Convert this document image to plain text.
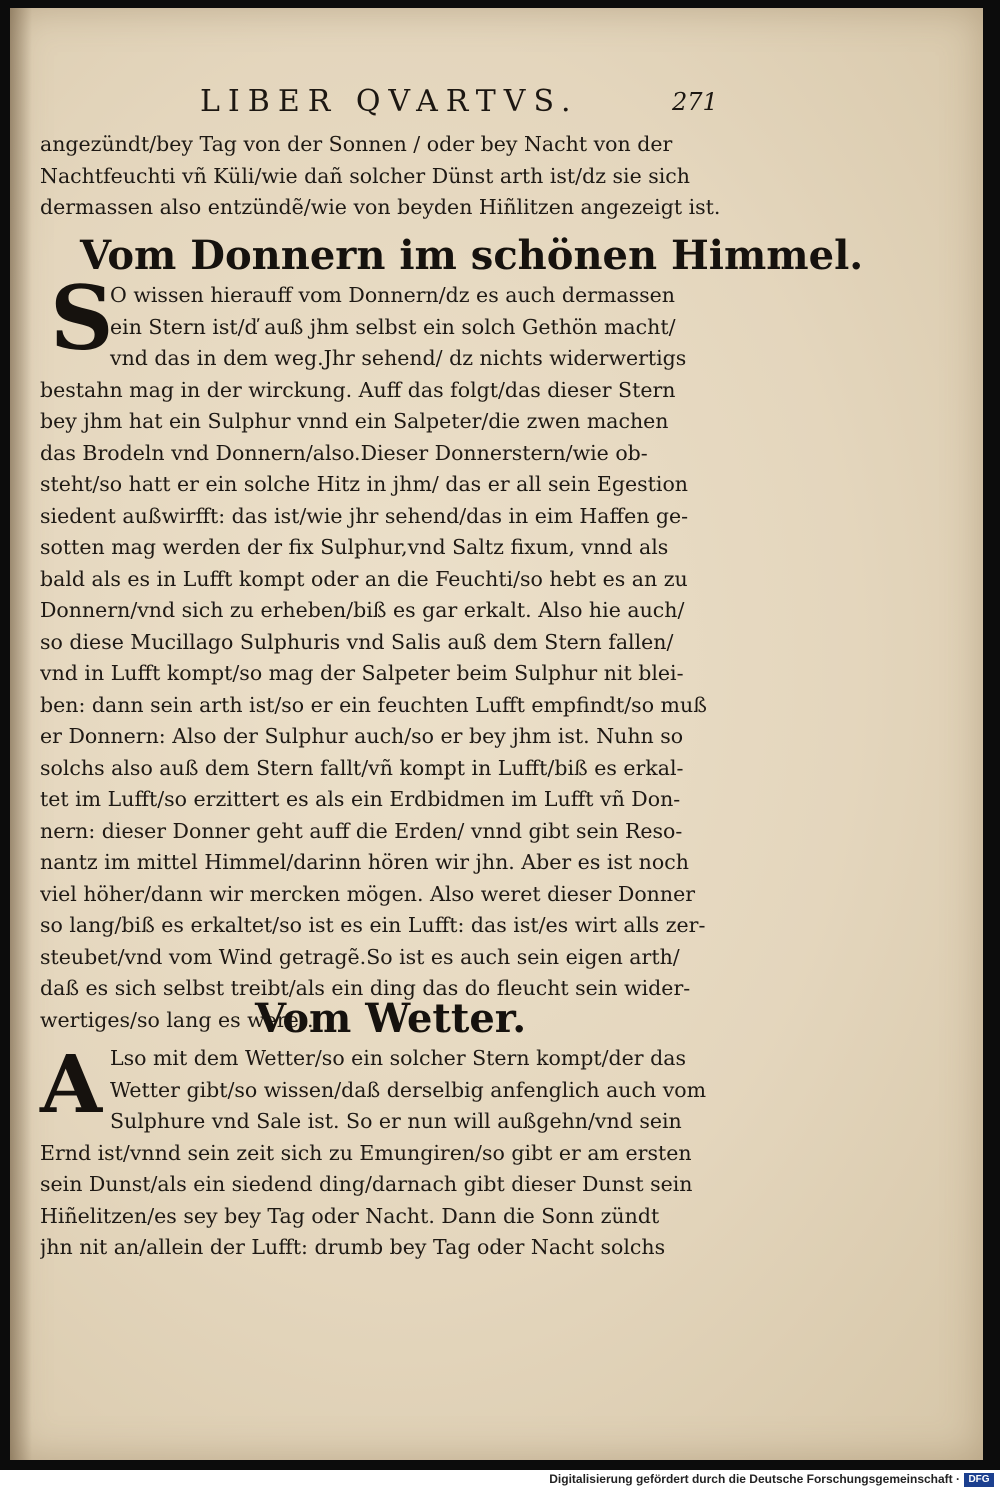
LIBER QVARTVS.	271
angezündt/bey Tag von der Sonnen / oder bey Nacht von der
Nachtfeuchti vñ Küli/wie dañ solcher Dünst arth ist/dz sie sich
dermassen also entzündẽ/wie von beyden Hiñlitzen angezeigt ist.
Vom Donnern im schönen Himmel.
S
O wissen hierauff vom Donnern/dz es auch dermassen
ein Stern ist/ď auß jhm selbst ein solch Gethön macht/
vnd das in dem weg.Jhr sehend/ dz nichts widerwertigs
bestahn mag in der wirckung. Auff das folgt/das dieser Stern
bey jhm hat ein Sulphur vnnd ein Salpeter/die zwen machen
das Brodeln vnd Donnern/also.Dieser Donnerstern/wie ob-
steht/so hatt er ein solche Hitz in jhm/ das er all sein Egestion
siedent außwirfft: das ist/wie jhr sehend/das in eim Haffen ge-
sotten mag werden der fix Sulphur,vnd Saltz fixum, vnnd als
bald als es in Lufft kompt oder an die Feuchti/so hebt es an zu
Donnern/vnd sich zu erheben/biß es gar erkalt. Also hie auch/
so diese Mucillago Sulphuris vnd Salis auß dem Stern fallen/
vnd in Lufft kompt/so mag der Salpeter beim Sulphur nit blei-
ben: dann sein arth ist/so er ein feuchten Lufft empfindt/so muß
er Donnern: Also der Sulphur auch/so er bey jhm ist. Nuhn so
solchs also auß dem Stern fallt/vñ kompt in Lufft/biß es erkal-
tet im Lufft/so erzittert es als ein Erdbidmen im Lufft vñ Don-
nern: dieser Donner geht auff die Erden/ vnnd gibt sein Reso-
nantz im mittel Himmel/darinn hören wir jhn. Aber es ist noch
viel höher/dann wir mercken mögen. Also weret dieser Donner
so lang/biß es erkaltet/so ist es ein Lufft: das ist/es wirt alls zer-
steubet/vnd vom Wind getragẽ.So ist es auch sein eigen arth/
daß es sich selbst treibt/als ein ding das do fleucht sein wider-
wertiges/so lang es weret.
Vom Wetter.
A Lso mit dem Wetter/so ein solcher Stern kompt/der das
Wetter gibt/so wissen/daß derselbig anfenglich auch vom
Sulphure vnd Sale ist. So er nun will außgehn/vnd sein
Ernd ist/vnnd sein zeit sich zu Emungiren/so gibt er am ersten
sein Dunst/als ein siedend ding/darnach gibt dieser Dunst sein
Hiñelitzen/es sey bey Tag oder Nacht. Dann die Sonn zündt
jhn nit an/allein der Lufft: drumb bey Tag oder Nacht solchs
Digitalisierung gefördert durch die Deutsche Forschungsgemeinschaft · DFG
